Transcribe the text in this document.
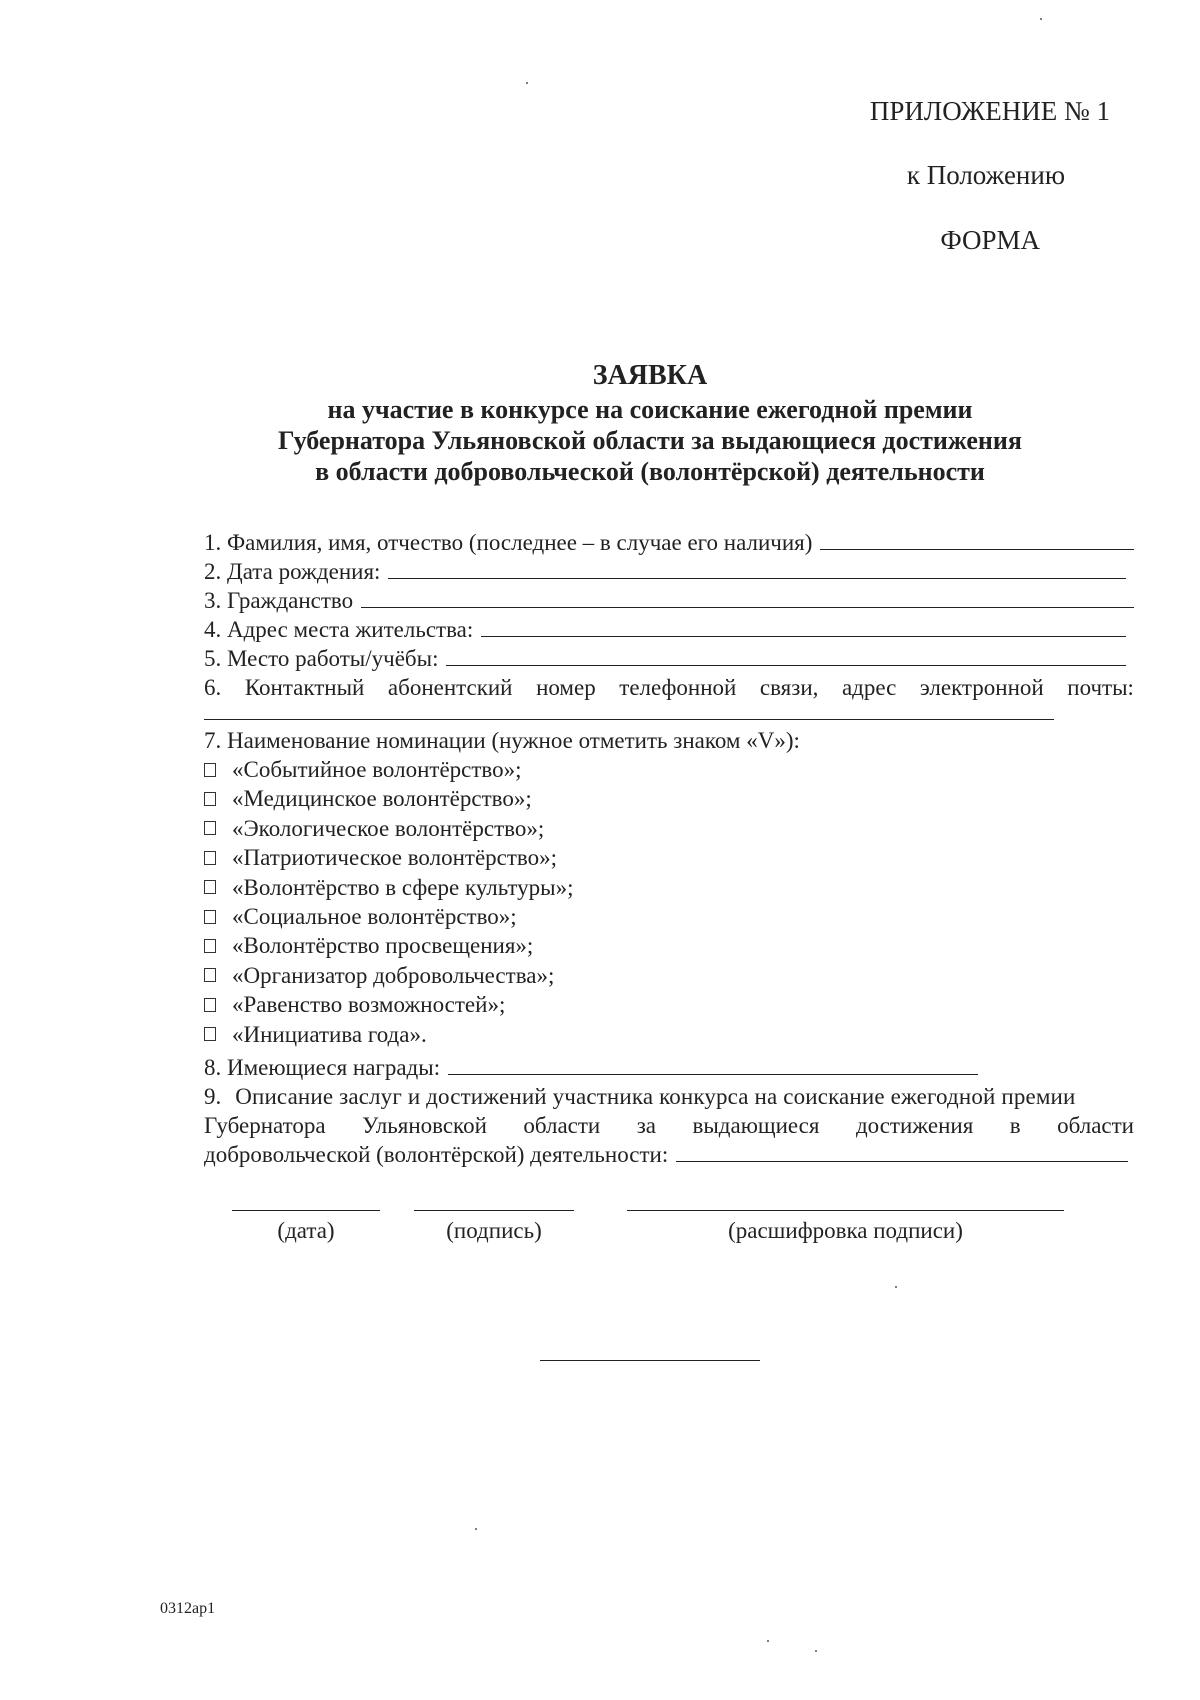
ПРИЛОЖЕНИЕ № 1
к Положению
ФОРМА
ЗАЯВКА
на участие в конкурсе на соискание ежегодной премии
Губернатора Ульяновской области за выдающиеся достижения
в области добровольческой (волонтёрской) деятельности
1. Фамилия, имя, отчество (последнее – в случае его наличия)
2. Дата рождения:
3. Гражданство
4. Адрес места жительства:
5. Место работы/учёбы:
6. Контактный абонентский номер телефонной связи, адрес электронной почты:
7. Наименование номинации (нужное отметить знаком «V»):
«Событийное волонтёрство»;
«Медицинское волонтёрство»;
«Экологическое волонтёрство»;
«Патриотическое волонтёрство»;
«Волонтёрство в сфере культуры»;
«Социальное волонтёрство»;
«Волонтёрство просвещения»;
«Организатор добровольчества»;
«Равенство возможностей»;
«Инициатива года».
8. Имеющиеся награды:
9. Описание заслуг и достижений участника конкурса на соискание ежегодной премии
Губернатора Ульяновской области за выдающиеся достижения в области
добровольческой (волонтёрской) деятельности:
(дата)	(подпись)	(расшифровка подписи)
0312ap1
